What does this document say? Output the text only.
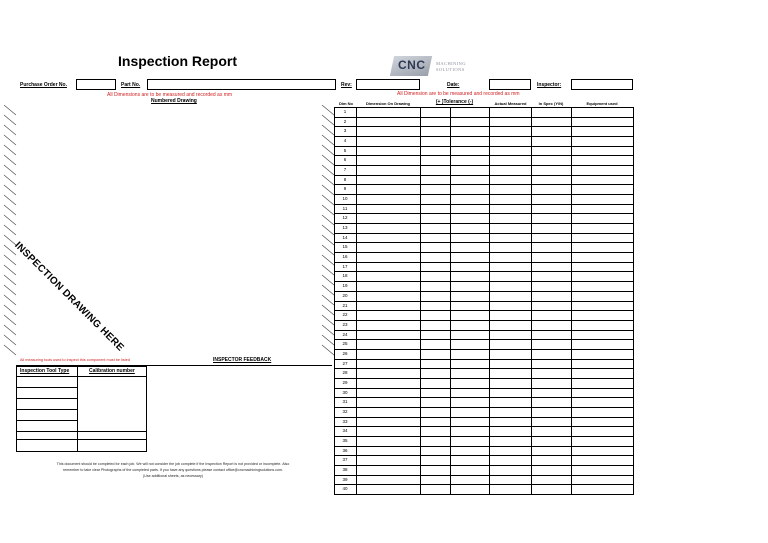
Inspection Report	CNC MACHINING
SOLUTIONS
Purchase Order No.	Part No.	Rev:	Date:	Inspector:
All Dimensions are to be measured and recorded as mm	All Dimension are to be measured and recorded as mm
Numbered Drawing	Dim No	Dimension On Drawing	(+ )Tolerance (-)	Actual Measured	In Spec (Y/N)	Equipment used
INSPECTION DRAWING HERE
All measuring tools used to inspect this component must be listed	INSPECTOR FEEDBACK
Inspection Tool Type	Calibration number
This document should be completed for each job. We will not consider the job complete if the Inspection Report is not provided or incomplete. Also
remember to take clear Photographs of the completed parts. If you have any questions please contact office@cncmachiningsolutions.com.
(Use additional sheets, as necessary)
1
2
3
4
5
6
7
8
9
10
11
12
13
14
15
16
17
18
19
20
21
22
23
24
25
26
27
28
29
30
31
32
33
34
35
36
37
38
39
40
